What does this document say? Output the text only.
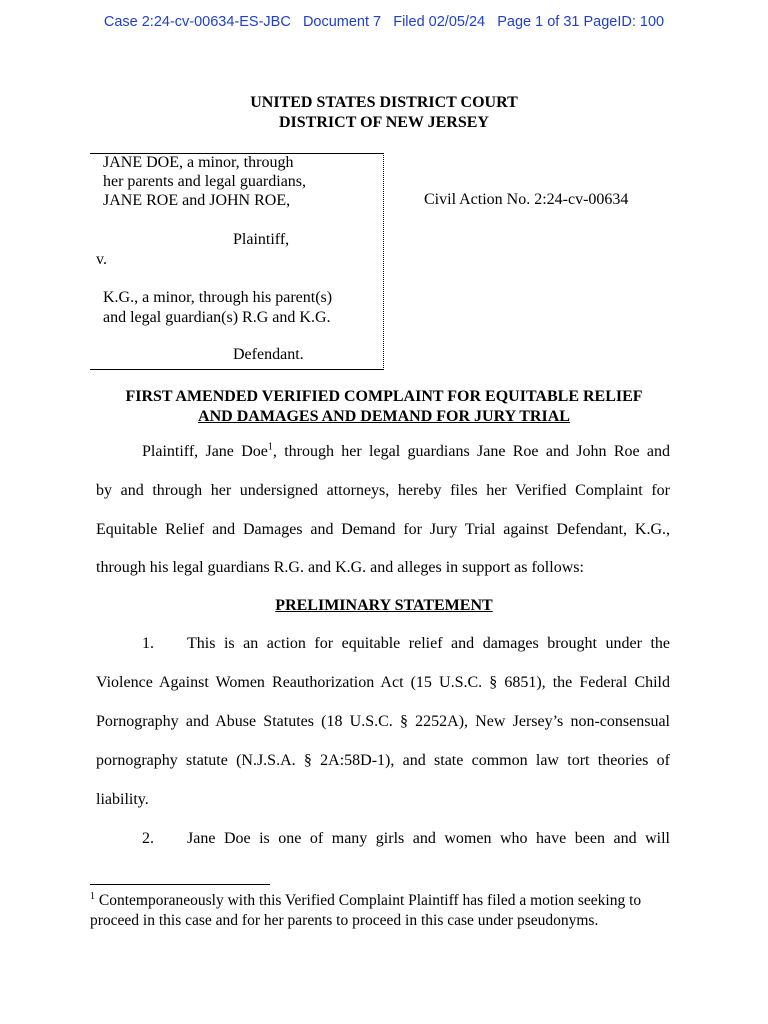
Case 2:24-cv-00634-ES-JBC Document 7 Filed 02/05/24 Page 1 of 31 PageID: 100
UNITED STATES DISTRICT COURT
DISTRICT OF NEW JERSEY
JANE DOE, a minor, through
her parents and legal guardians,
JANE ROE and JOHN ROE,
Plaintiff,
v.
K.G., a minor, through his parent(s)
and legal guardian(s) R.G and K.G.
Defendant.
Civil Action No. 2:24-cv-00634
FIRST AMENDED VERIFIED COMPLAINT FOR EQUITABLE RELIEF
AND DAMAGES AND DEMAND FOR JURY TRIAL
Plaintiff, Jane Doe$^1$, through her legal guardians Jane Roe and John Roe and
by and through her undersigned attorneys, hereby files her Verified Complaint for
Equitable Relief and Damages and Demand for Jury Trial against Defendant, K.G.,
through his legal guardians R.G. and K.G. and alleges in support as follows:
PRELIMINARY STATEMENT
1.	This is an action for equitable relief and damages brought under the
Violence Against Women Reauthorization Act (15 U.S.C. § 6851), the Federal Child
Pornography and Abuse Statutes (18 U.S.C. § 2252A), New Jersey’s non-consensual
pornography statute (N.J.S.A. § 2A:58D-1), and state common law tort theories of
liability.
2.	Jane Doe is one of many girls and women who have been and will
$^1$ Contemporaneously with this Verified Complaint Plaintiff has filed a motion seeking to proceed in this case and for her parents to proceed in this case under pseudonyms.
